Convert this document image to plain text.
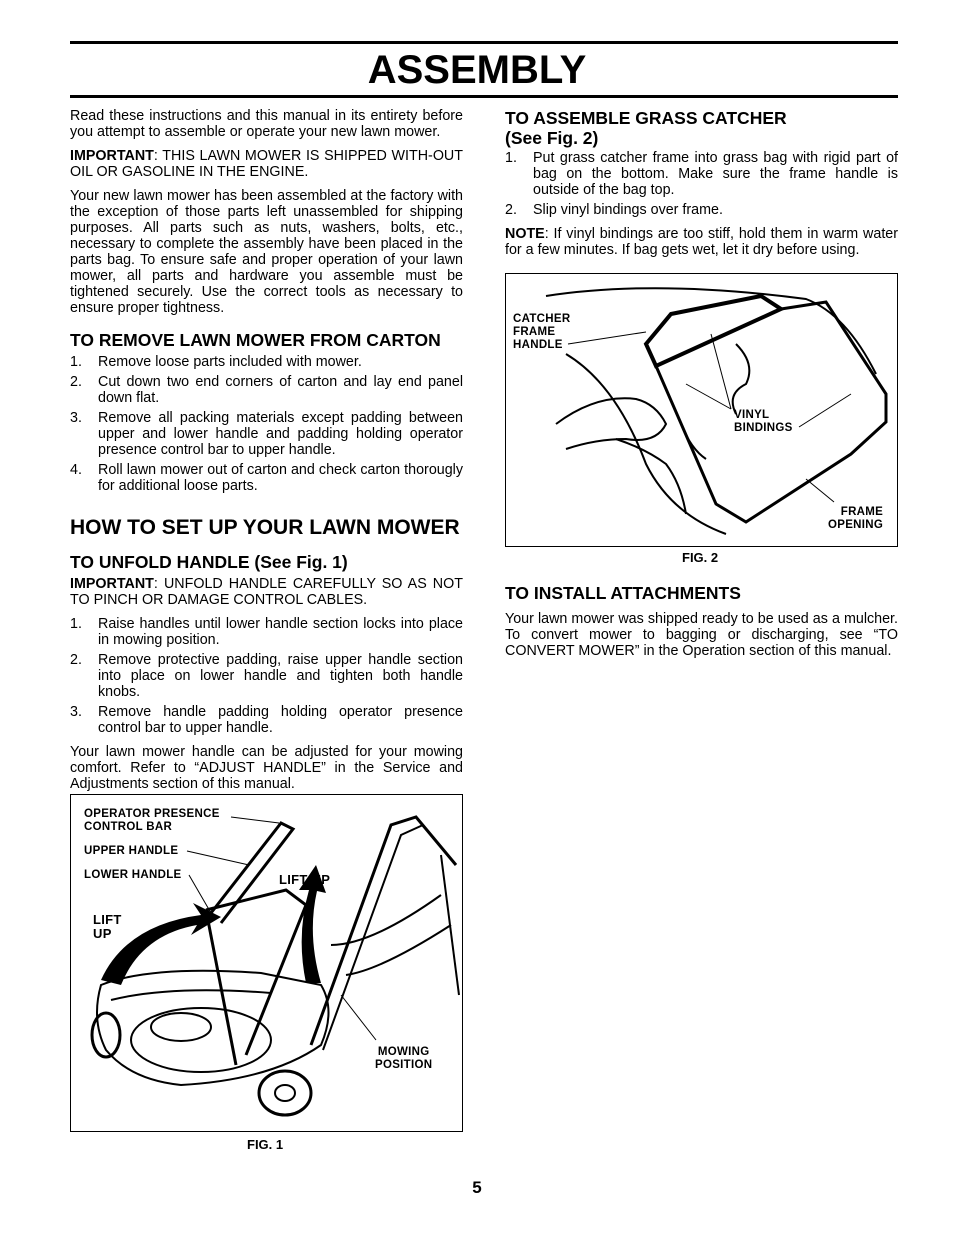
ASSEMBLY

Read these instructions and this manual in its entirety before you attempt to assemble or operate your new lawn mower.

IMPORTANT: THIS LAWN MOWER IS SHIPPED WITH-OUT OIL OR GASOLINE IN THE ENGINE.

Your new lawn mower has been assembled at the factory with the exception of those parts left unassembled for shipping purposes. All parts such as nuts, washers, bolts, etc., necessary to complete the assembly have been placed in the parts bag. To ensure safe and proper operation of your lawn mower, all parts and hardware you assemble must be tightened securely. Use the correct tools as necessary to ensure proper tightness.

TO REMOVE LAWN MOWER FROM CARTON
1. Remove loose parts included with mower.
2. Cut down two end corners of carton and lay end panel down flat.
3. Remove all packing materials except padding between upper and lower handle and padding holding operator presence control bar to upper handle.
4. Roll lawn mower out of carton and check carton thorougly for additional loose parts.
HOW TO SET UP YOUR LAWN MOWER
TO UNFOLD HANDLE (See Fig. 1)

IMPORTANT: UNFOLD HANDLE CAREFULLY SO AS NOT TO PINCH OR DAMAGE CONTROL CABLES.

1. Raise handles until lower handle section locks into place in mowing position.
2. Remove protective padding, raise upper handle section into place on lower handle and tighten both handle knobs.
3. Remove handle padding holding operator presence control bar to upper handle.

Your lawn mower handle can be adjusted for your mowing comfort. Refer to “ADJUST HANDLE” in the Service and Adjustments section of this manual.

OPERATOR PRESENCE
CONTROL BAR
UPPER HANDLE
LOWER HANDLE	LIFT UP
LIFT
UP
MOWING
POSITION
FIG. 1
TO ASSEMBLE GRASS CATCHER
(See Fig. 2)
1. Put grass catcher frame into grass bag with rigid part of bag on the bottom. Make sure the frame handle is outside of the bag top.
2. Slip vinyl bindings over frame.

NOTE: If vinyl bindings are too stiff, hold them in warm water for a few minutes. If bag gets wet, let it dry before using.

CATCHER
FRAME
HANDLE
VINYL
BINDINGS
FRAME
OPENING
FIG. 2
TO INSTALL ATTACHMENTS

Your lawn mower was shipped ready to be used as a mulcher. To convert mower to bagging or discharging, see “TO CONVERT MOWER” in the Operation section of this manual.

5
